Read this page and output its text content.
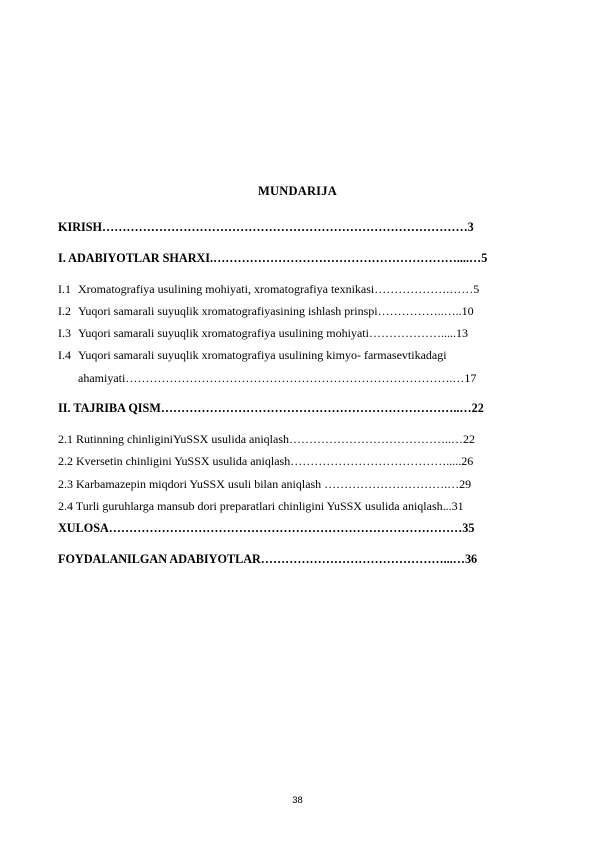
MUNDARIJA
KIRISH………………………………………………………………………………3
I. ADABIYOTLAR SHARXI.……………………………………………………....…5
I.1 Xromatografiya usulining mohiyati, xromatografiya texnikasi……………….……5
I.2 Yuqori samarali suyuqlik xromatografiyasining ishlash prinspi……………..…..10
I.3 Yuqori samarali suyuqlik xromatografiya usulining mohiyati……………….....13
I.4 Yuqori samarali suyuqlik xromatografiya usulining kimyo- farmasevtikadagi
ahamiyati……………………………………………………………………….…17
II. TAJRIBA QISM………………………………………………………………..…22
2.1 Rutinning chinliginiYuSSX usulida aniqlash…………………………………..…22
2.2 Kversetin chinligini YuSSX usulida aniqlash………………………………….....26
2.3 Karbamazepin miqdori YuSSX usuli bilan aniqlash ………………………….…29
2.4 Turli guruhlarga mansub dori preparatlari chinligini YuSSX usulida aniqlash...31
XULOSA……………………………………………………………………………35
FOYDALANILGAN ADABIYOTLAR………………………………………...…36
38
